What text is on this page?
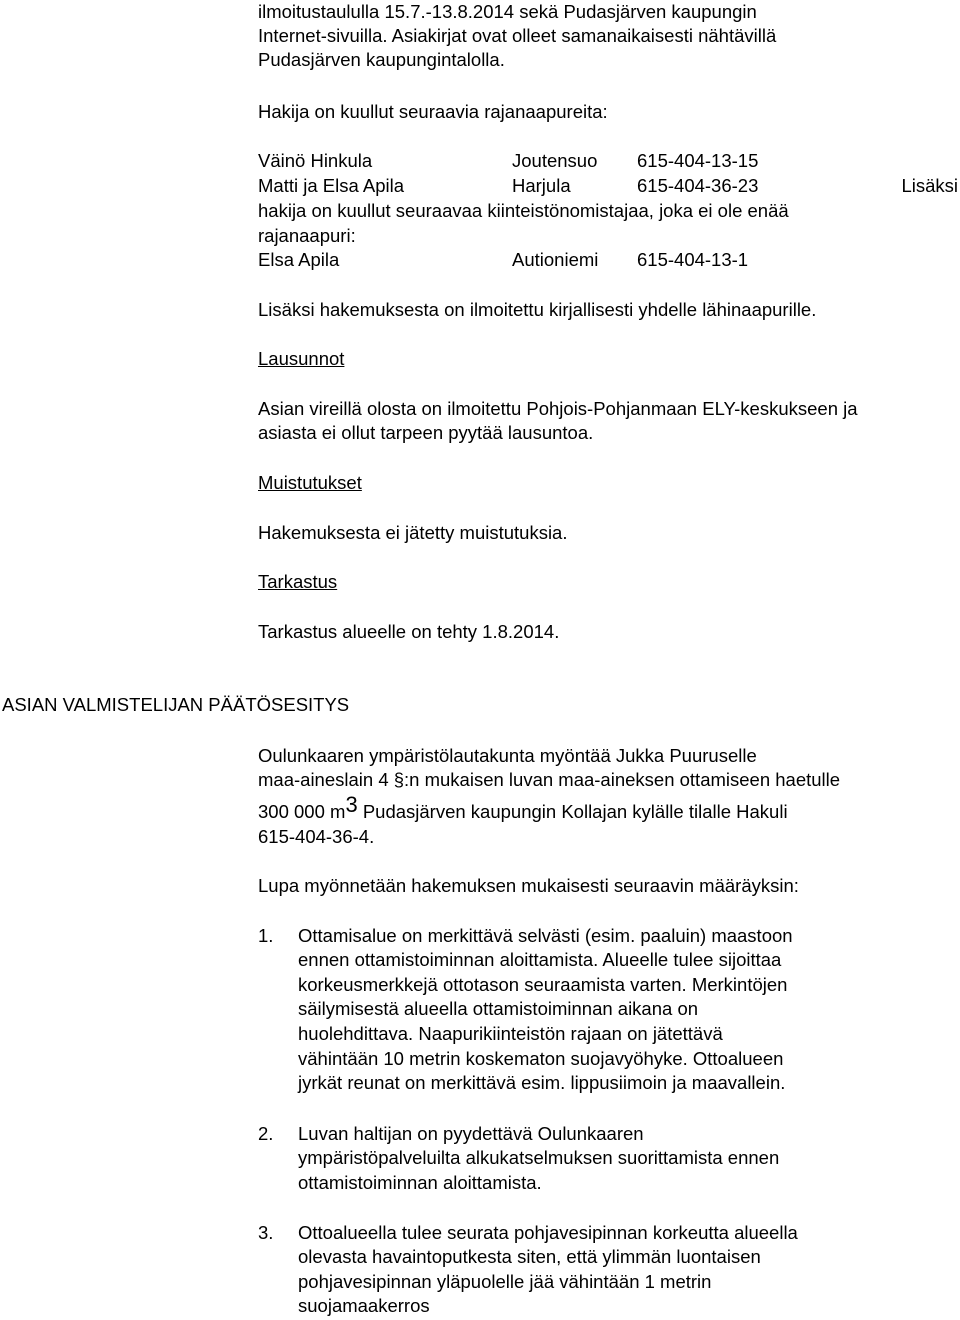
ilmoitustaululla 15.7.-13.8.2014 sekä Pudasjärven kaupungin
Internet-sivuilla. Asiakirjat ovat olleet samanaikaisesti nähtävillä
Pudasjärven kaupungintalolla.
Hakija on kuullut seuraavia rajanaapureita:
Väinö Hinkula	Joutensuo 615-404-13-15
Matti ja Elsa Apila	Harjula	615-404-36-23	Lisäksi
hakija on kuullut seuraavaa kiinteistönomistajaa, joka ei ole enää
rajanaapuri:
Elsa Apila	Autioniemi 615-404-13-1
Lisäksi hakemuksesta on ilmoitettu kirjallisesti yhdelle lähinaapurille.
Lausunnot
Asian vireillä olosta on ilmoitettu Pohjois-Pohjanmaan ELY-keskukseen ja
asiasta ei ollut tarpeen pyytää lausuntoa.
Muistutukset
Hakemuksesta ei jätetty muistutuksia.
Tarkastus
Tarkastus alueelle on tehty 1.8.2014.
ASIAN VALMISTELIJAN PÄÄTÖSESITYS
Oulunkaaren ympäristölautakunta myöntää Jukka Puuruselle
maa-aineslain 4 §:n mukaisen luvan maa-aineksen ottamiseen haetulle
300 000 $m^3$ Pudasjärven kaupungin Kollajan kylälle tilalle Hakuli
615-404-36-4.
Lupa myönnetään hakemuksen mukaisesti seuraavin määräyksin:
1. Ottamisalue on merkittävä selvästi (esim. paaluin) maastoon
ennen ottamistoiminnan aloittamista. Alueelle tulee sijoittaa
korkeusmerkkejä ottotason seuraamista varten. Merkintöjen
säilymisestä alueella ottamistoiminnan aikana on
huolehdittava. Naapurikiinteistön rajaan on jätettävä
vähintään 10 metrin koskematon suojavyöhyke. Ottoalueen
jyrkät reunat on merkittävä esim. lippusiimoin ja maavallein.
2. Luvan haltijan on pyydettävä Oulunkaaren
ympäristöpalveluilta alkukatselmuksen suorittamista ennen
ottamistoiminnan aloittamista.
3. Ottoalueella tulee seurata pohjavesipinnan korkeutta alueella
olevasta havaintoputkesta siten, että ylimmän luontaisen
pohjavesipinnan yläpuolelle jää vähintään 1 metrin
suojamaakerros
